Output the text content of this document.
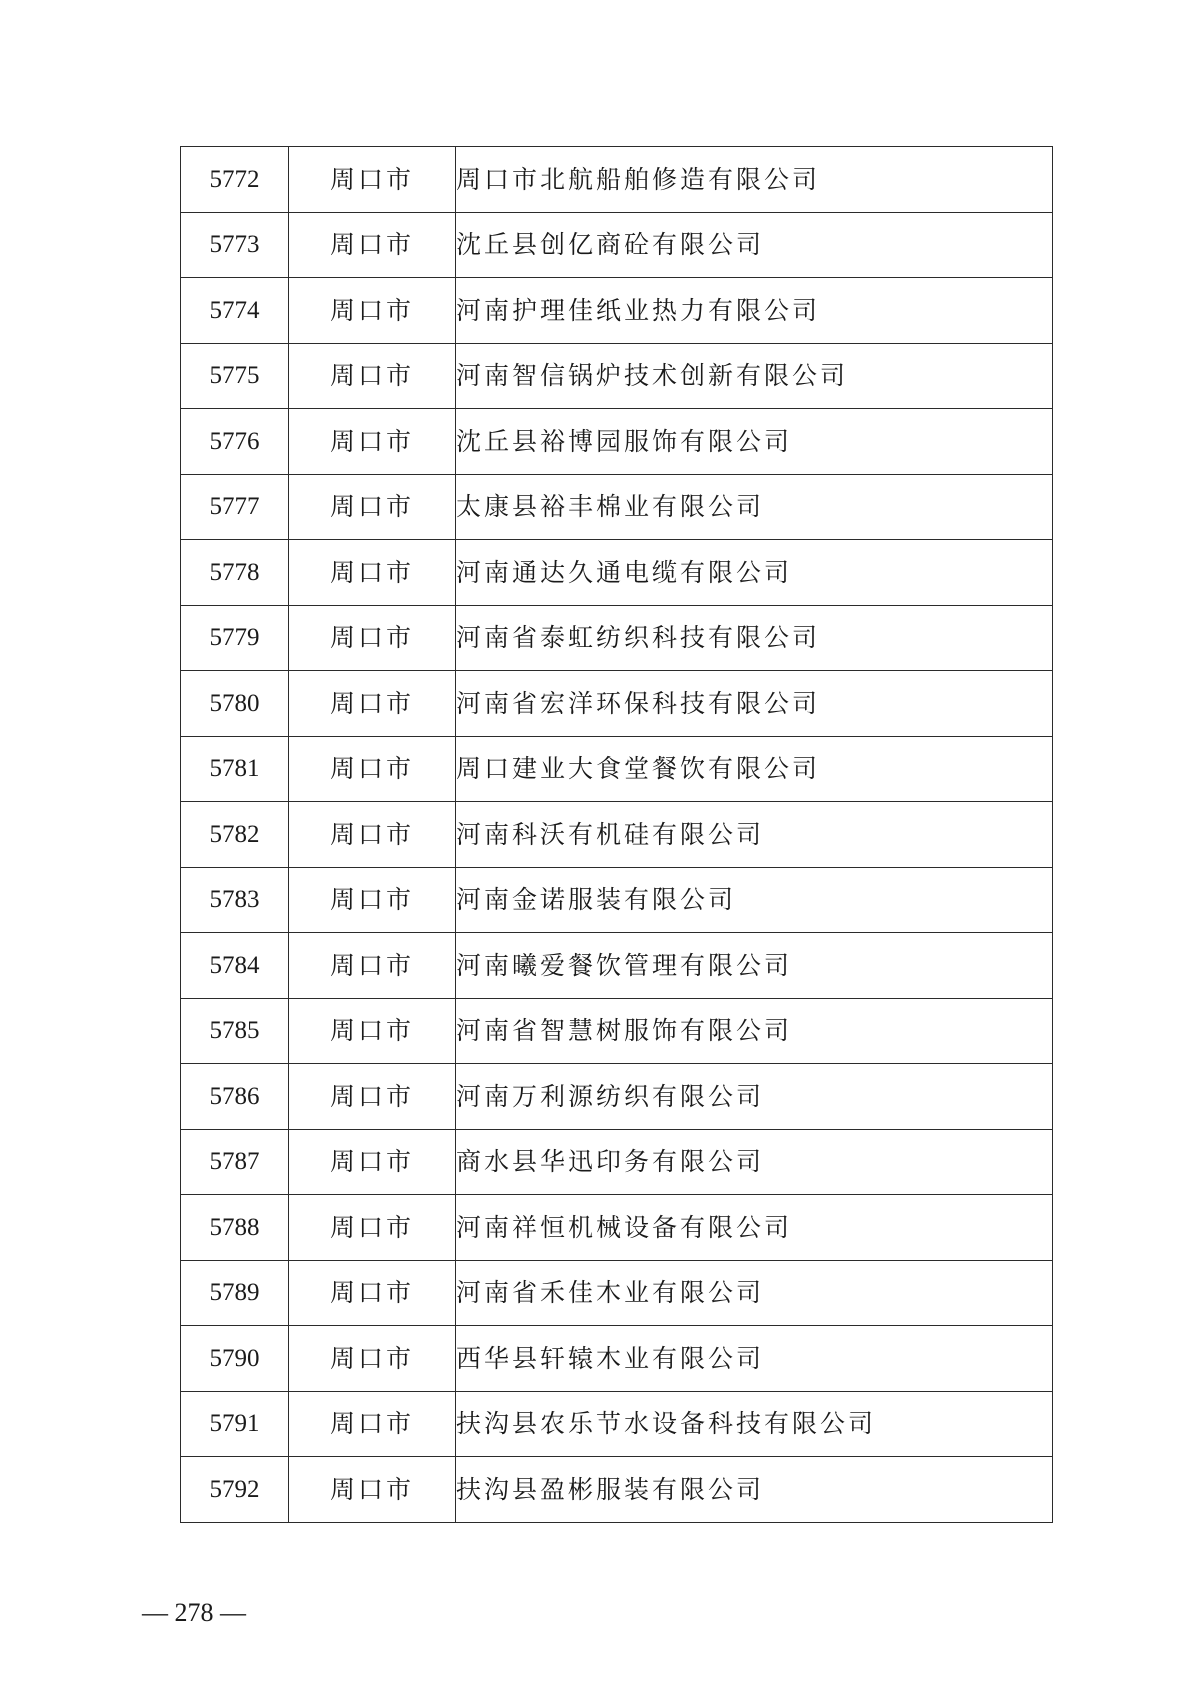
5772	周口市	周口市北航船舶修造有限公司
5773	周口市	沈丘县创亿商砼有限公司
5774	周口市	河南护理佳纸业热力有限公司
5775	周口市	河南智信锅炉技术创新有限公司
5776	周口市	沈丘县裕博园服饰有限公司
5777	周口市	太康县裕丰棉业有限公司
5778	周口市	河南通达久通电缆有限公司
5779	周口市	河南省泰虹纺织科技有限公司
5780	周口市	河南省宏洋环保科技有限公司
5781	周口市	周口建业大食堂餐饮有限公司
5782	周口市	河南科沃有机硅有限公司
5783	周口市	河南金诺服装有限公司
5784	周口市	河南曦爱餐饮管理有限公司
5785	周口市	河南省智慧树服饰有限公司
5786	周口市	河南万利源纺织有限公司
5787	周口市	商水县华迅印务有限公司
5788	周口市	河南祥恒机械设备有限公司
5789	周口市	河南省禾佳木业有限公司
5790	周口市	西华县轩辕木业有限公司
5791	周口市	扶沟县农乐节水设备科技有限公司
5792	周口市	扶沟县盈彬服装有限公司
— 278 —
